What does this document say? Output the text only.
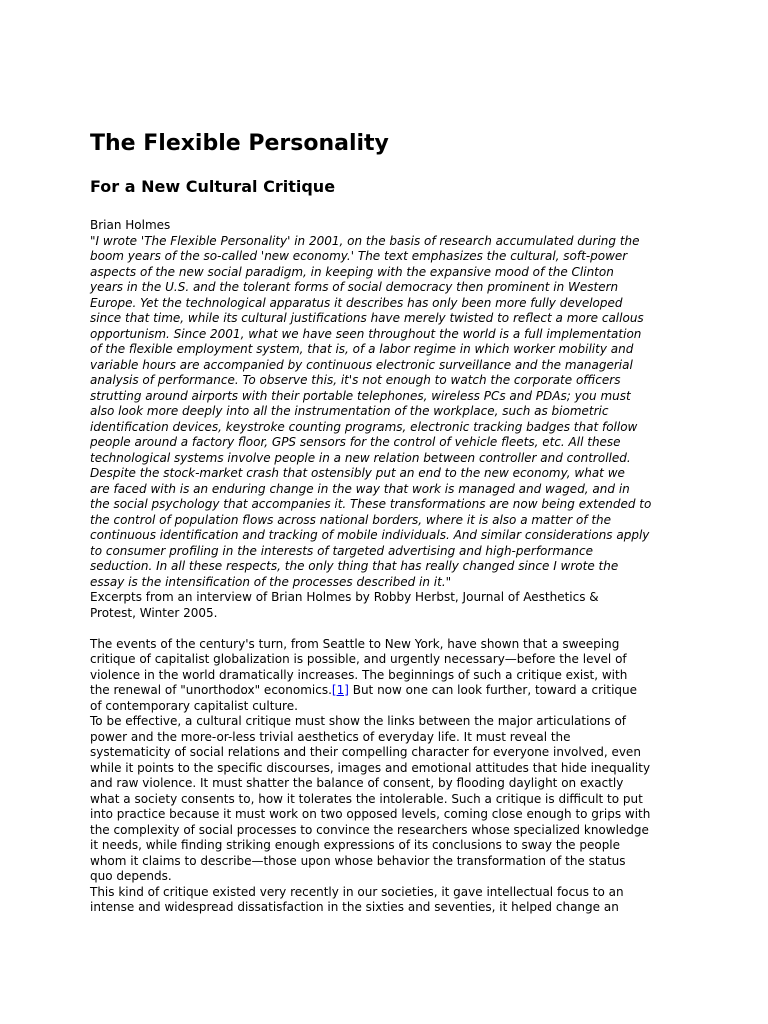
The Flexible Personality
For a New Cultural Critique
Brian Holmes
"I wrote 'The Flexible Personality' in 2001, on the basis of research accumulated during the
boom years of the so-called 'new economy.' The text emphasizes the cultural, soft-power
aspects of the new social paradigm, in keeping with the expansive mood of the Clinton
years in the U.S. and the tolerant forms of social democracy then prominent in Western
Europe. Yet the technological apparatus it describes has only been more fully developed
since that time, while its cultural justifications have merely twisted to reflect a more callous
opportunism. Since 2001, what we have seen throughout the world is a full implementation
of the flexible employment system, that is, of a labor regime in which worker mobility and
variable hours are accompanied by continuous electronic surveillance and the managerial
analysis of performance. To observe this, it's not enough to watch the corporate officers
strutting around airports with their portable telephones, wireless PCs and PDAs; you must
also look more deeply into all the instrumentation of the workplace, such as biometric
identification devices, keystroke counting programs, electronic tracking badges that follow
people around a factory floor, GPS sensors for the control of vehicle fleets, etc. All these
technological systems involve people in a new relation between controller and controlled.
Despite the stock-market crash that ostensibly put an end to the new economy, what we
are faced with is an enduring change in the way that work is managed and waged, and in
the social psychology that accompanies it. These transformations are now being extended to
the control of population flows across national borders, where it is also a matter of the
continuous identification and tracking of mobile individuals. And similar considerations apply
to consumer profiling in the interests of targeted advertising and high-performance
seduction. In all these respects, the only thing that has really changed since I wrote the
essay is the intensification of the processes described in it."
Excerpts from an interview of Brian Holmes by Robby Herbst, Journal of Aesthetics &
Protest, Winter 2005.
The events of the century's turn, from Seattle to New York, have shown that a sweeping
critique of capitalist globalization is possible, and urgently necessary—before the level of
violence in the world dramatically increases. The beginnings of such a critique exist, with
the renewal of "unorthodox" economics.[1] But now one can look further, toward a critique
of contemporary capitalist culture.
To be effective, a cultural critique must show the links between the major articulations of
power and the more-or-less trivial aesthetics of everyday life. It must reveal the
systematicity of social relations and their compelling character for everyone involved, even
while it points to the specific discourses, images and emotional attitudes that hide inequality
and raw violence. It must shatter the balance of consent, by flooding daylight on exactly
what a society consents to, how it tolerates the intolerable. Such a critique is difficult to put
into practice because it must work on two opposed levels, coming close enough to grips with
the complexity of social processes to convince the researchers whose specialized knowledge
it needs, while finding striking enough expressions of its conclusions to sway the people
whom it claims to describe—those upon whose behavior the transformation of the status
quo depends.
This kind of critique existed very recently in our societies, it gave intellectual focus to an
intense and widespread dissatisfaction in the sixties and seventies, it helped change an
